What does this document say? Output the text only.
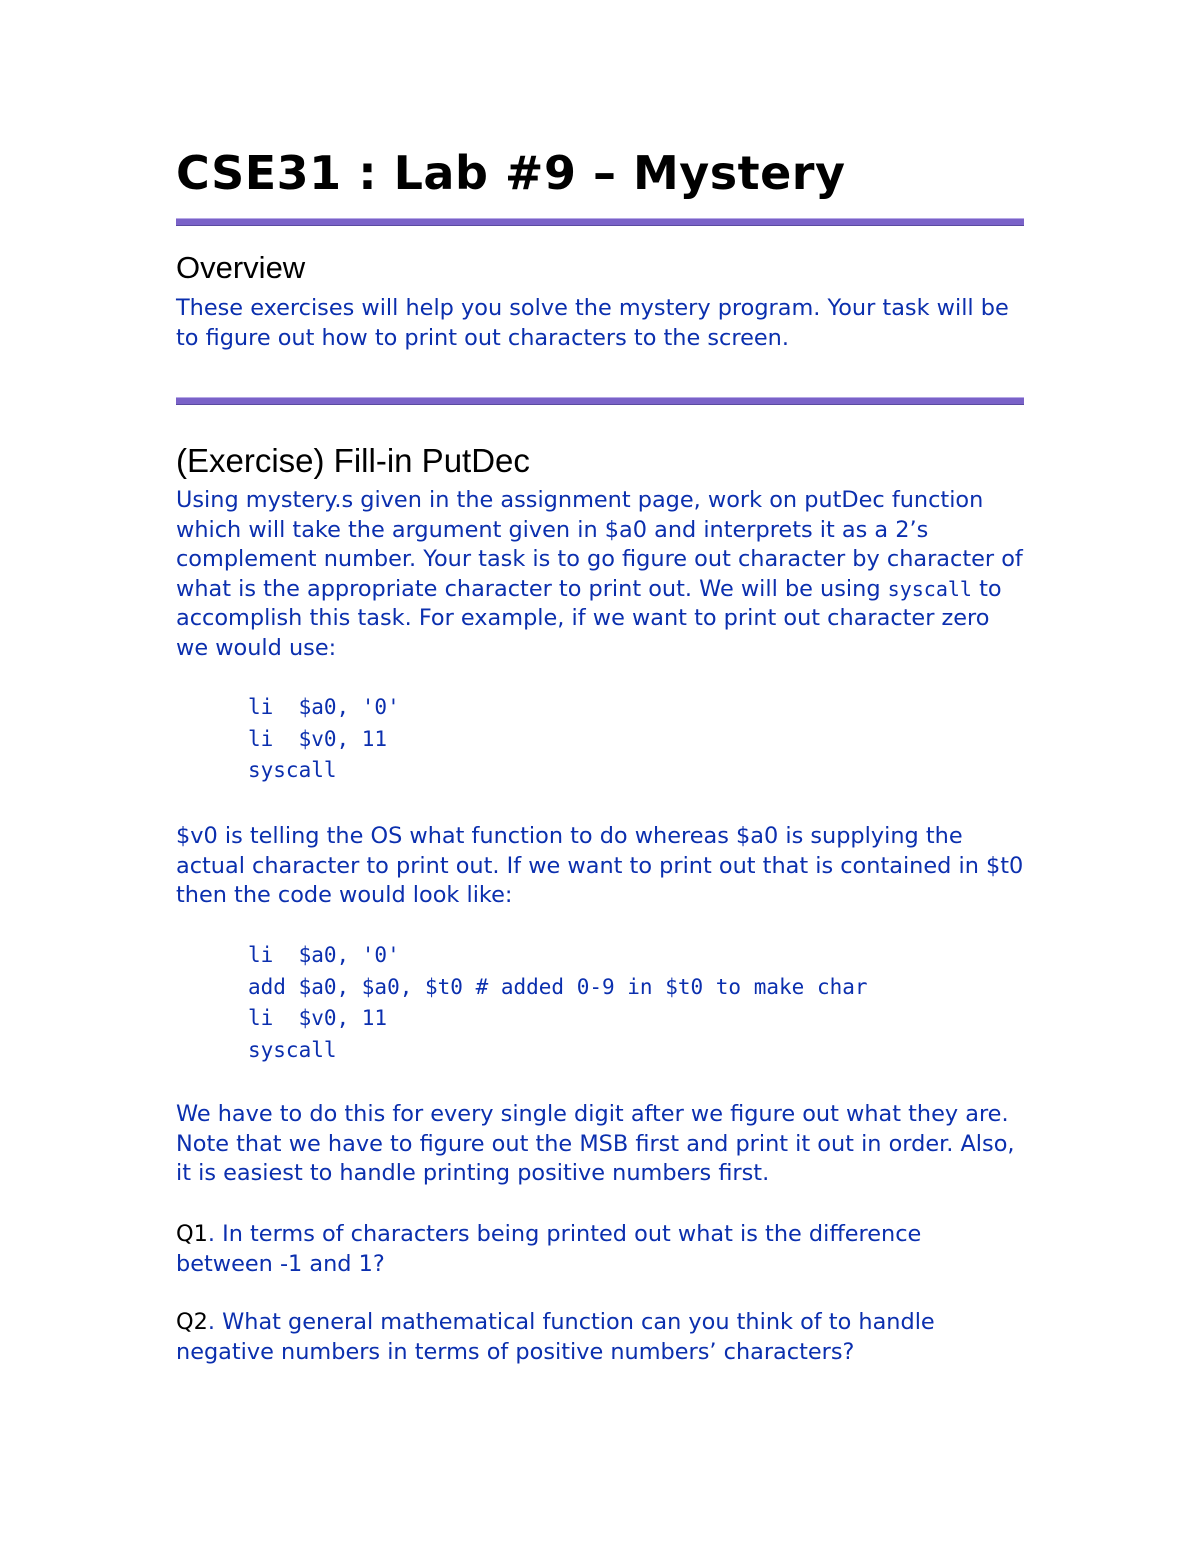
CSE31 : Lab #9 – Mystery
Overview

These exercises will help you solve the mystery program. Your task will be to figure out how to print out characters to the screen.

(Exercise) Fill-in PutDec

Using mystery.s given in the assignment page, work on putDec function which will take the argument given in $a0 and interprets it as a 2’s complement number. Your task is to go figure out character by character of what is the appropriate character to print out. We will be using syscall to accomplish this task. For example, if we want to print out character zero we would use:

li  $a0, '0'
li  $v0, 11
syscall

$v0 is telling the OS what function to do whereas $a0 is supplying the actual character to print out. If we want to print out that is contained in $t0 then the code would look like:

li  $a0, '0'
add $a0, $a0, $t0 # added 0-9 in $t0 to make char
li  $v0, 11
syscall

We have to do this for every single digit after we figure out what they are. Note that we have to figure out the MSB first and print it out in order. Also, it is easiest to handle printing positive numbers first.

Q1. In terms of characters being printed out what is the difference between -1 and 1?

Q2. What general mathematical function can you think of to handle negative numbers in terms of positive numbers’ characters?
